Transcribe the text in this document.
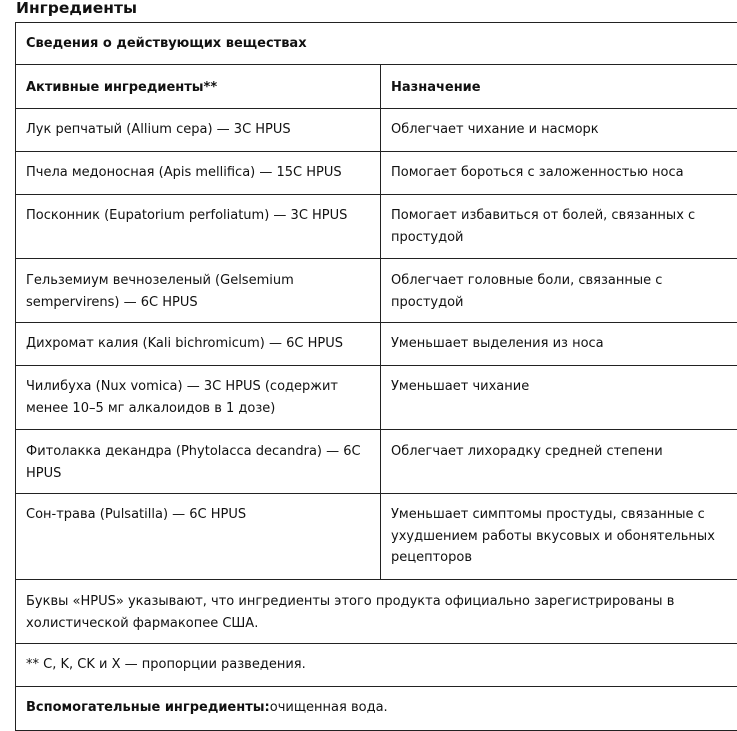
Ингредиенты
Сведения о действующих веществах	
Активные ингредиенты**	Назначение
Лук репчатый (Allium cepa) — 3C HPUS	Облегчает чихание и насморк
Пчела медоносная (Apis mellifica) — 15C HPUS	Помогает бороться с заложенностью носа
Посконник (Eupatorium perfoliatum) — 3C HPUS	Помогает избавиться от болей, связанных с простудой
Гельземиум вечнозеленый (Gelsemium sempervirens) — 6C HPUS	Облегчает головные боли, связанные с простудой
Дихромат калия (Kali bichromicum) — 6C HPUS	Уменьшает выделения из носа
Чилибуха (Nux vomica) — 3C HPUS (содержит менее 10–5 мг алкалоидов в 1 дозе)	Уменьшает чихание
Фитолакка декандра (Phytolacca decandra) — 6C HPUS	Облегчает лихорадку средней степени
Сон-трава (Pulsatilla) — 6C HPUS	Уменьшает симптомы простуды, связанные с ухудшением работы вкусовых и обонятельных рецепторов
Буквы «HPUS» указывают, что ингредиенты этого продукта официально зарегистрированы в холистической фармакопее США.	
** C, K, CK и X — пропорции разведения.	
Вспомогательные ингредиенты:очищенная вода.	
